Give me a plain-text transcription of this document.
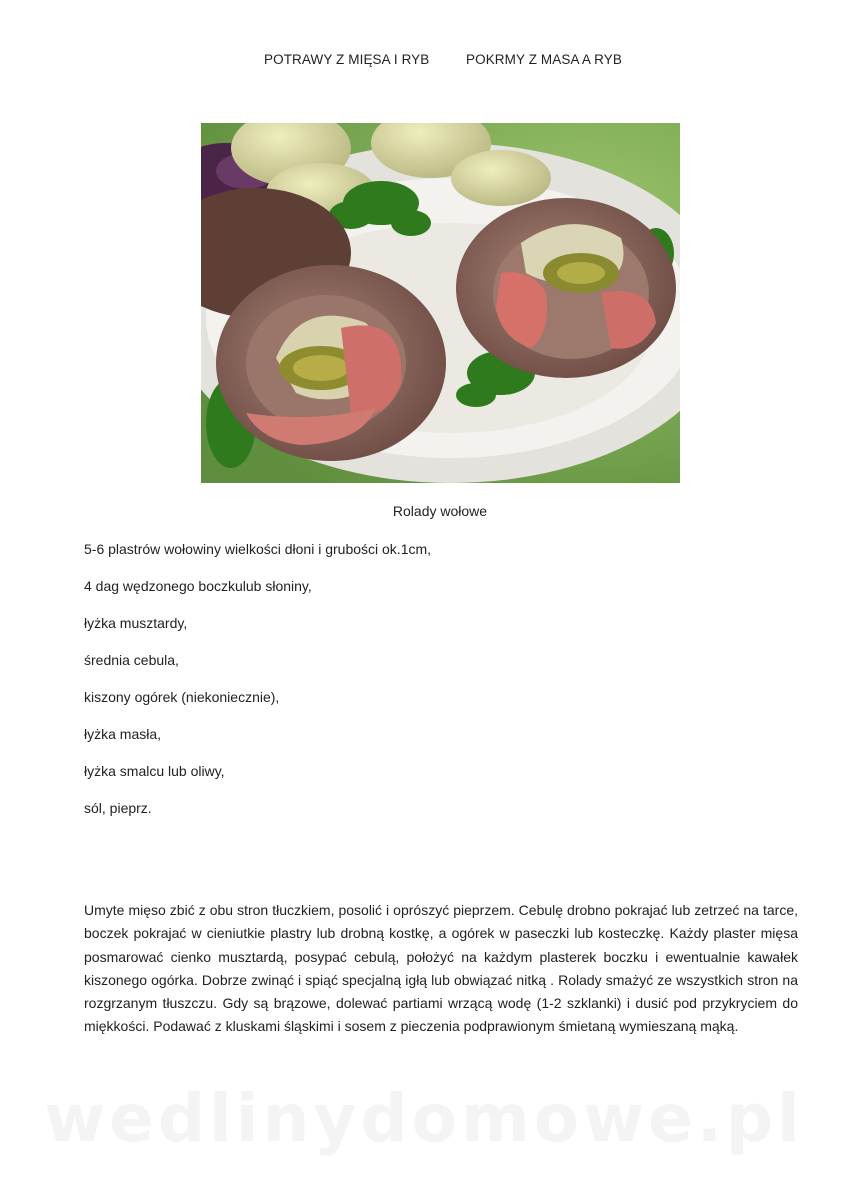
POTRAWY Z MIĘSA I RYB	POKRMY Z MASA A RYB
Rolady wołowe
5-6 plastrów wołowiny wielkości dłoni i grubości ok.1cm,
4 dag wędzonego boczkulub słoniny,
łyżka musztardy,
średnia cebula,
kiszony ogórek (niekoniecznie),
łyżka masła,
łyżka smalcu lub oliwy,
sól, pieprz.

Umyte mięso zbić z obu stron tłuczkiem, posolić i oprószyć pieprzem. Cebulę drobno pokrajać lub zetrzeć na tarce, boczek pokrajać w cieniutkie plastry lub drobną kostkę, a ogórek w paseczki lub kosteczkę. Każdy plaster mięsa posmarować cienko musztardą, posypać cebulą, położyć na każdym plasterek boczku i ewentualnie kawałek kiszonego ogórka. Dobrze zwinąć i spiąć specjalną igłą lub obwiązać nitką . Rolady smażyć ze wszystkich stron na rozgrzanym tłuszczu. Gdy są brązowe, dolewać partiami wrzącą wodę (1-2 szklanki) i dusić pod przykryciem do miękkości. Podawać z kluskami śląskimi i sosem z pieczenia podprawionym śmietaną wymieszaną mąką.

wedlinydomowe.pl
